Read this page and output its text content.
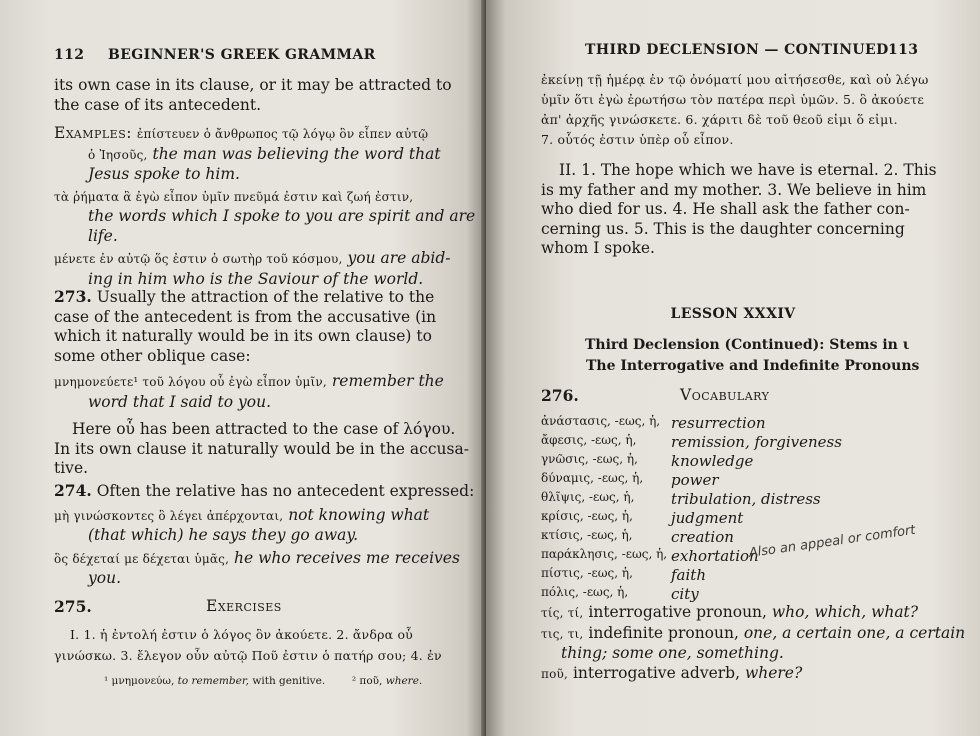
112 BEGINNER'S GREEK GRAMMAR
its own case in its clause, or it may be attracted to
the case of its antecedent.
Examples: ἐπίστευεν ὁ ἄνθρωπος τῷ λόγῳ ὃν εἶπεν αὐτῷ
ὁ Ἰησοῦς, the man was believing the word that
Jesus spoke to him.
τὰ ῥήματα ἃ ἐγὼ εἶπον ὑμῖν πνεῦμά ἐστιν καὶ ζωή ἐστιν,
the words which I spoke to you are spirit and are
life.
μένετε ἐν αὐτῷ ὅς ἐστιν ὁ σωτὴρ τοῦ κόσμου, you are abid-
ing in him who is the Saviour of the world.
273. Usually the attraction of the relative to the
case of the antecedent is from the accusative (in
which it naturally would be in its own clause) to
some other oblique case:
μνημονεύετε¹ τοῦ λόγου οὗ ἐγὼ εἶπον ὑμῖν, remember the
word that I said to you.
Here οὗ has been attracted to the case of λόγου.
In its own clause it naturally would be in the accusa-
tive.
274. Often the relative has no antecedent expressed:
μὴ γινώσκοντες ὃ λέγει ἀπέρχονται, not knowing what
(that which) he says they go away.
ὃς δέχεταί με δέχεται ὑμᾶς, he who receives me receives
you.
275.	Exercises
I. 1. ἡ ἐντολή ἐστιν ὁ λόγος ὃν ἀκούετε. 2. ἄνδρα οὗ
γινώσκω. 3. ἔλεγον οὖν αὐτῷ Ποῦ ἐστιν ὁ πατήρ σου; 4. ἐν
¹ μνημονεύω, to remember, with genitive.	² ποῦ, where.
THIRD DECLENSION — CONTINUED 113
ἐκείνῃ τῇ ἡμέρᾳ ἐν τῷ ὀνόματί μου αἰτήσεσθε, καὶ οὐ λέγω
ὑμῖν ὅτι ἐγὼ ἐρωτήσω τὸν πατέρα περὶ ὑμῶν. 5. ὃ ἀκούετε
ἀπ' ἀρχῆς γινώσκετε. 6. χάριτι δὲ τοῦ θεοῦ εἰμι ὅ εἰμι.
7. οὗτός ἐστιν ὑπὲρ οὗ εἶπον.
II. 1. The hope which we have is eternal. 2. This
is my father and my mother. 3. We believe in him
who died for us. 4. He shall ask the father con-
cerning us. 5. This is the daughter concerning
whom I spoke.
LESSON XXXIV
Third Declension (Continued): Stems in ι
The Interrogative and Indefinite Pronouns
276.	Vocabulary
ἀνάστασις, -εως, ἡ, resurrection
ἄφεσις, -εως, ἡ, remission, forgiveness
γνῶσις, -εως, ἡ, knowledge
δύναμις, -εως, ἡ, power
θλῖψις, -εως, ἡ, tribulation, distress
κρίσις, -εως, ἡ,	judgment
κτίσις, -εως, ἡ,	creation
παράκλησις, -εως, ἡ, exhortation
πίστις, -εως, ἡ,	faith
πόλις, -εως, ἡ,	city
Also an appeal or comfort
τίς, τί, interrogative pronoun, who, which, what?
τις, τι, indefinite pronoun, one, a certain one, a certain
thing; some one, something.
ποῦ, interrogative adverb, where?
